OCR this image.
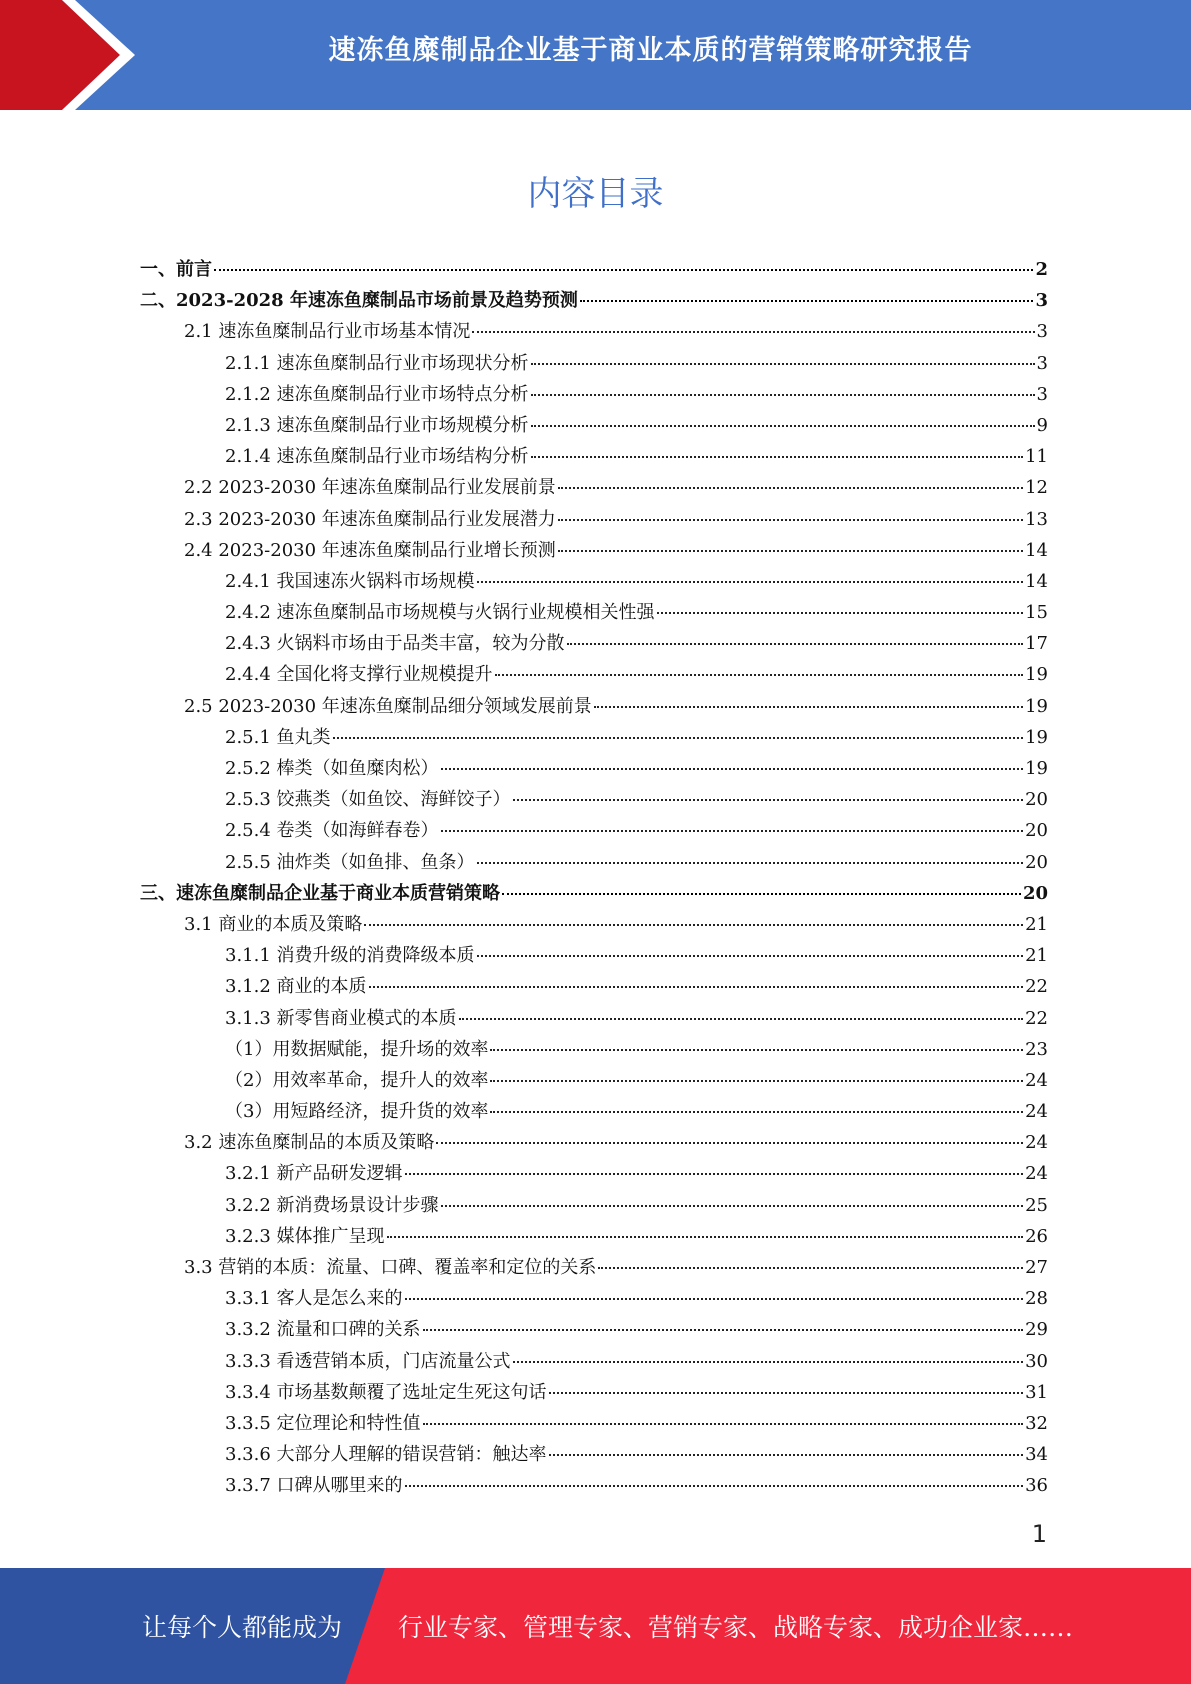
速冻鱼糜制品企业基于商业本质的营销策略研究报告
内容目录
一、前言	2
二、2023-2028 年速冻鱼糜制品市场前景及趋势预测	3
2.1 速冻鱼糜制品行业市场基本情况	3
2.1.1 速冻鱼糜制品行业市场现状分析	3
2.1.2 速冻鱼糜制品行业市场特点分析	3
2.1.3 速冻鱼糜制品行业市场规模分析	9
2.1.4 速冻鱼糜制品行业市场结构分析	11
2.2 2023-2030 年速冻鱼糜制品行业发展前景	12
2.3 2023-2030 年速冻鱼糜制品行业发展潜力	13
2.4 2023-2030 年速冻鱼糜制品行业增长预测	14
2.4.1 我国速冻火锅料市场规模	14
2.4.2 速冻鱼糜制品市场规模与火锅行业规模相关性强	15
2.4.3 火锅料市场由于品类丰富，较为分散	17
2.4.4 全国化将支撑行业规模提升	19
2.5 2023-2030 年速冻鱼糜制品细分领域发展前景	19
2.5.1 鱼丸类	19
2.5.2 棒类（如鱼糜肉松）	19
2.5.3 饺燕类（如鱼饺、海鲜饺子）	20
2.5.4 卷类（如海鲜春卷）	20
2.5.5 油炸类（如鱼排、鱼条）	20
三、速冻鱼糜制品企业基于商业本质营销策略	20
3.1 商业的本质及策略	21
3.1.1 消费升级的消费降级本质	21
3.1.2 商业的本质	22
3.1.3 新零售商业模式的本质	22
（1）用数据赋能，提升场的效率	23
（2）用效率革命，提升人的效率	24
（3）用短路经济，提升货的效率	24
3.2 速冻鱼糜制品的本质及策略	24
3.2.1 新产品研发逻辑	24
3.2.2 新消费场景设计步骤	25
3.2.3 媒体推广呈现	26
3.3 营销的本质：流量、口碑、覆盖率和定位的关系	27
3.3.1 客人是怎么来的	28
3.3.2 流量和口碑的关系	29
3.3.3 看透营销本质，门店流量公式	30
3.3.4 市场基数颠覆了选址定生死这句话	31
3.3.5 定位理论和特性值	32
3.3.6 大部分人理解的错误营销：触达率	34
3.3.7 口碑从哪里来的	36
1
让每个人都能成为 行业专家、管理专家、营销专家、战略专家、成功企业家……
